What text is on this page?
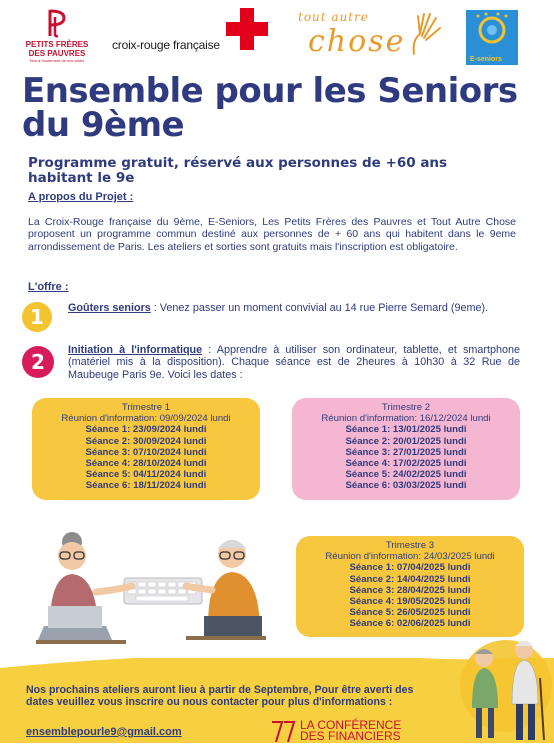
PETITS FRÈRES DES PAUVRES
Non à l'isolement de nos aînés
croix-rouge française
tout autre
chose
E-seniors
Ensemble pour les Seniors du 9ème
Programme gratuit, réservé aux personnes de +60 ans habitant le 9e
A propos du Projet :
La Croix-Rouge française du 9ème, E-Seniors, Les Petits Frères des Pauvres et Tout Autre Chose proposent un programme commun destiné aux personnes de + 60 ans qui habitent dans le 9eme arrondissement de Paris. Les ateliers et sorties sont gratuits mais l'inscription est obligatoire.
L'offre :
1	Goûters seniors : Venez passer un moment convivial au 14 rue Pierre Semard (9eme).
2	Initiation à l'informatique : Apprendre à utiliser son ordinateur, tablette, et smartphone (matériel mis à la disposition). Chaque séance est de 2heures à 10h30 à 32 Rue de Maubeuge Paris 9e. Voici les dates :
Trimestre 1
Réunion d'information: 09/09/2024 lundi
Séance 1: 23/09/2024 lundi
Séance 2: 30/09/2024 lundi
Séance 3: 07/10/2024 lundi
Séance 4: 28/10/2024 lundi
Séance 5: 04/11/2024 lundi
Séance 6: 18/11/2024 lundi
Trimestre 2
Réunion d'information: 16/12/2024 lundi
Séance 1: 13/01/2025 lundi
Séance 2: 20/01/2025 lundi
Séance 3: 27/01/2025 lundi
Séance 4: 17/02/2025 lundi
Séance 5: 24/02/2025 lundi
Séance 6: 03/03/2025 lundi
Trimestre 3
Réunion d'information: 24/03/2025 lundi
Séance 1: 07/04/2025 lundi
Séance 2: 14/04/2025 lundi
Séance 3: 28/04/2025 lundi
Séance 4: 19/05/2025 lundi
Séance 5: 26/05/2025 lundi
Séance 6: 02/06/2025 lundi
Nos prochains ateliers auront lieu à partir de Septembre, Pour être averti des dates veuillez vous inscrire ou nous contacter pour plus d'informations :
ensemblepourle9@gmail.com	LA CONFÉRENCE DES FINANCIERS
